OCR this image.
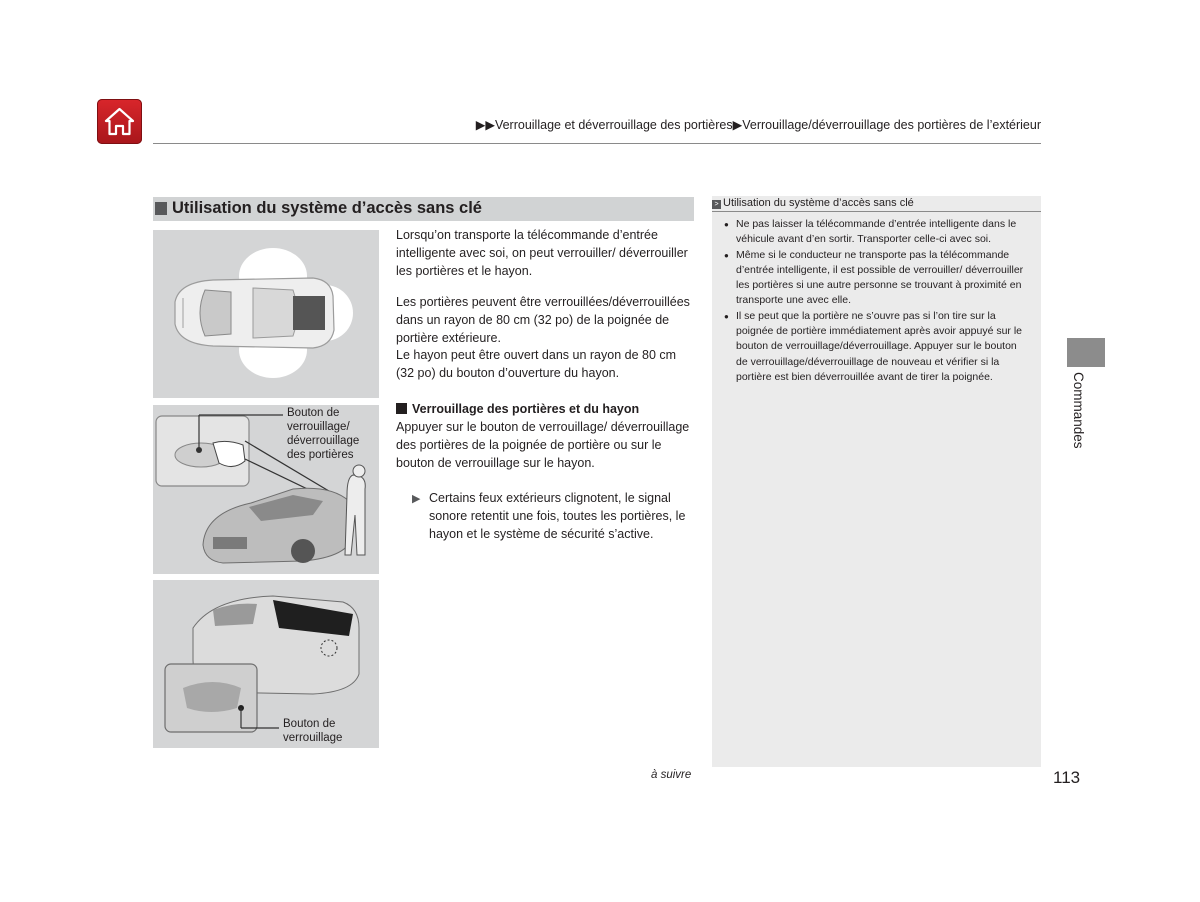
▶▶Verrouillage et déverrouillage des portières▶Verrouillage/déverrouillage des portières de l’extérieur
Utilisation du système d’accès sans clé
Bouton de
verrouillage/
déverrouillage
des portières
Bouton de
verrouillage
Lorsqu’on transporte la télécommande d’entrée intelligente avec soi, on peut verrouiller/ déverrouiller les portières et le hayon.
Les portières peuvent être verrouillées/déverrouillées dans un rayon de 80 cm (32 po) de la poignée de portière extérieure.
Le hayon peut être ouvert dans un rayon de 80 cm (32 po) du bouton d’ouverture du hayon.
Verrouillage des portières et du hayon
Appuyer sur le bouton de verrouillage/ déverrouillage des portières de la poignée de portière ou sur le bouton de verrouillage sur le hayon.
▶ Certains feux extérieurs clignotent, le signal sonore retentit une fois, toutes les portières, le hayon et le système de sécurité s’active.
> Utilisation du système d’accès sans clé
● Ne pas laisser la télécommande d’entrée intelligente dans le véhicule avant d’en sortir. Transporter celle-ci avec soi.
● Même si le conducteur ne transporte pas la télécommande d’entrée intelligente, il est possible de verrouiller/ déverrouiller les portières si une autre personne se trouvant à proximité en transporte une avec elle.
● Il se peut que la portière ne s’ouvre pas si l’on tire sur la poignée de portière immédiatement après avoir appuyé sur le bouton de verrouillage/déverrouillage. Appuyer sur le bouton de verrouillage/déverrouillage de nouveau et vérifier si la portière est bien déverrouillée avant de tirer la poignée.	Commandes
à suivre	113
